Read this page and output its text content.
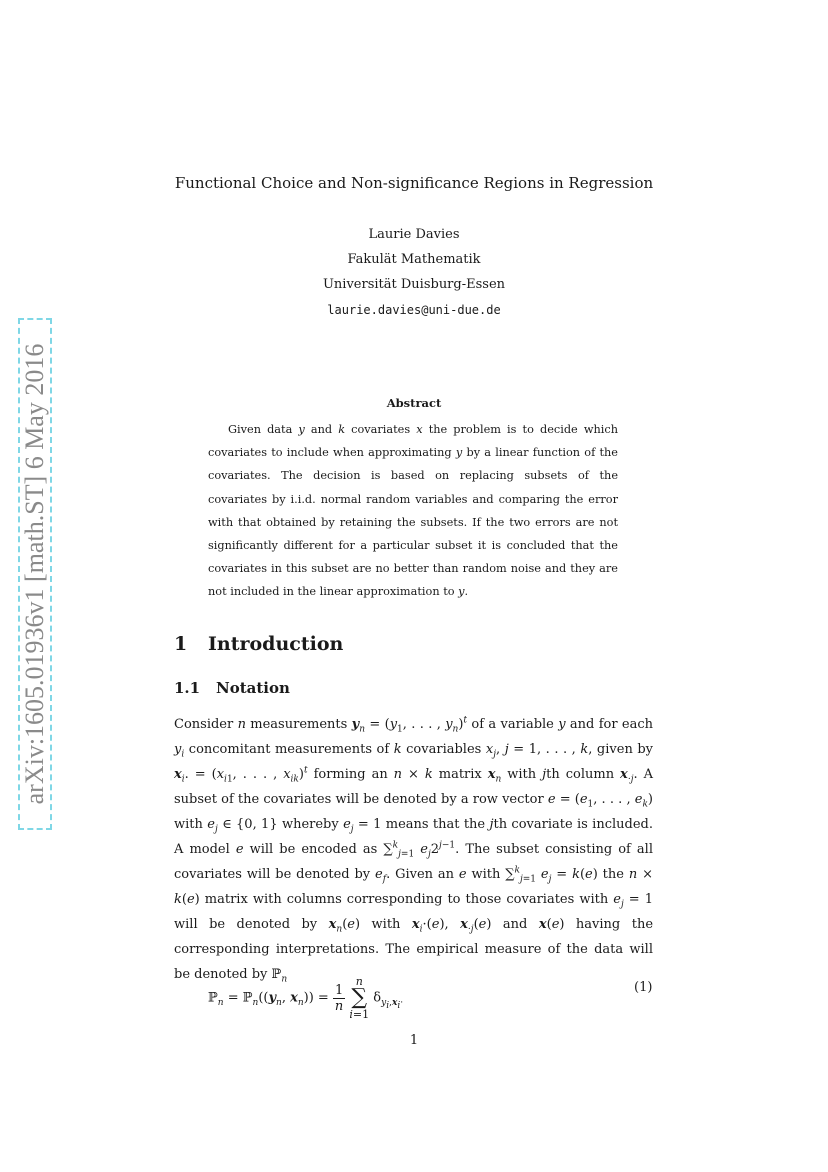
arXiv:1605.01936v1 [math.ST] 6 May 2016
Functional Choice and Non-significance Regions in Regression
Laurie Davies
Fakulät Mathematik
Universität Duisburg-Essen
laurie.davies@uni-due.de
Abstract

Given data y and k covariates x the problem is to decide which covariates to include when approximating y by a linear function of the covariates. The decision is based on replacing subsets of the covariates by i.i.d. normal random variables and comparing the error with that obtained by retaining the subsets. If the two errors are not significantly different for a particular subset it is concluded that the covariates in this subset are no better than random noise and they are not included in the linear approximation to y.

1 Introduction
1.1 Notation

Consider n measurements $y_n = (y_1$, . . . , $y_n)^t$ of a variable y and for each $y_i$ concomitant measurements of k covariables $x_j$, j = 1, . . . , k, given by $x_i$. = ($x_{i1}$, . . . , $x_{ik})^t$ forming an n × k matrix $x_n$ with jth column $x_{\cdot j}$. A subset of the covariates will be denoted by a row vector $e = (e_1$, . . . , $e_k$) with $e_j$ ∈ {0, 1} whereby $e_j = 1$ means that the jth covariate is included. A model e will be encoded as ∑$^k_{j=1}$ $e_j2^{j-1}$. The subset consisting of all covariates will be denoted by $e_f$. Given an e with ∑$^k_{j=1}$ $e_j = k(e)$ the n × k(e) matrix with columns corresponding to those covariates with $e_j = 1$ will be denoted by $x_n(e)$ with $x_i\cdot(e)$, $x_{\cdot j}(e)$ and x(e) having the corresponding interpretations. The empirical measure of the data will be denoted by ℙ$_n$

ℙ$_n$ = $ℙ_n((y_n$, $x_n)) = \frac{1}{n}$
n
∑
i=1 $\delta_{y_i,x_i\cdot}$
(1)
1
